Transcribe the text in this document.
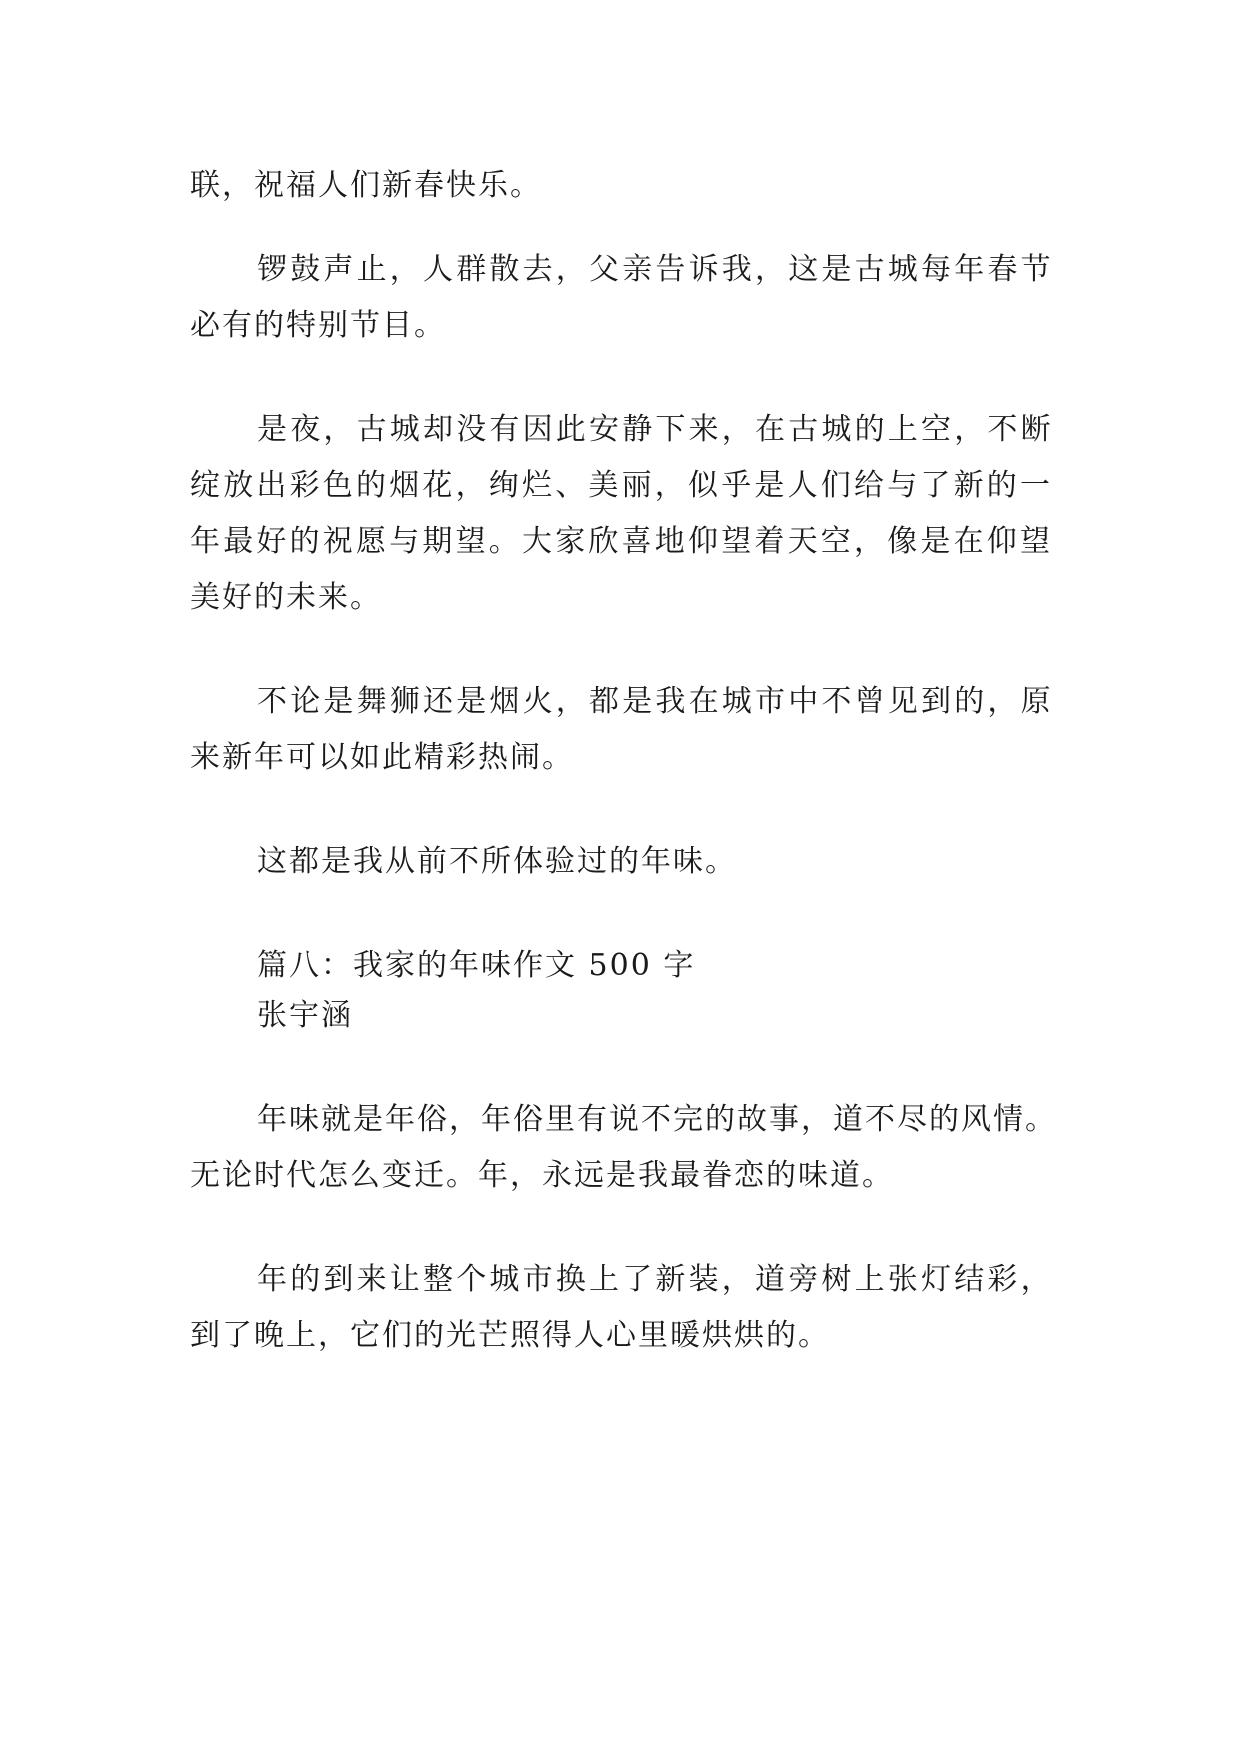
联，祝福人们新春快乐。
锣鼓声止，人群散去，父亲告诉我，这是古城每年春节
必有的特别节目。
是夜，古城却没有因此安静下来，在古城的上空，不断
绽放出彩色的烟花，绚烂、美丽，似乎是人们给与了新的一
年最好的祝愿与期望。大家欣喜地仰望着天空，像是在仰望
美好的未来。
不论是舞狮还是烟火，都是我在城市中不曾见到的，原
来新年可以如此精彩热闹。
这都是我从前不所体验过的年味。
篇八：我家的年味作文 500 字
张宇涵
年味就是年俗，年俗里有说不完的故事，道不尽的风情。
无论时代怎么变迁。年，永远是我最眷恋的味道。
年的到来让整个城市换上了新装，道旁树上张灯结彩，
到了晚上，它们的光芒照得人心里暖烘烘的。
